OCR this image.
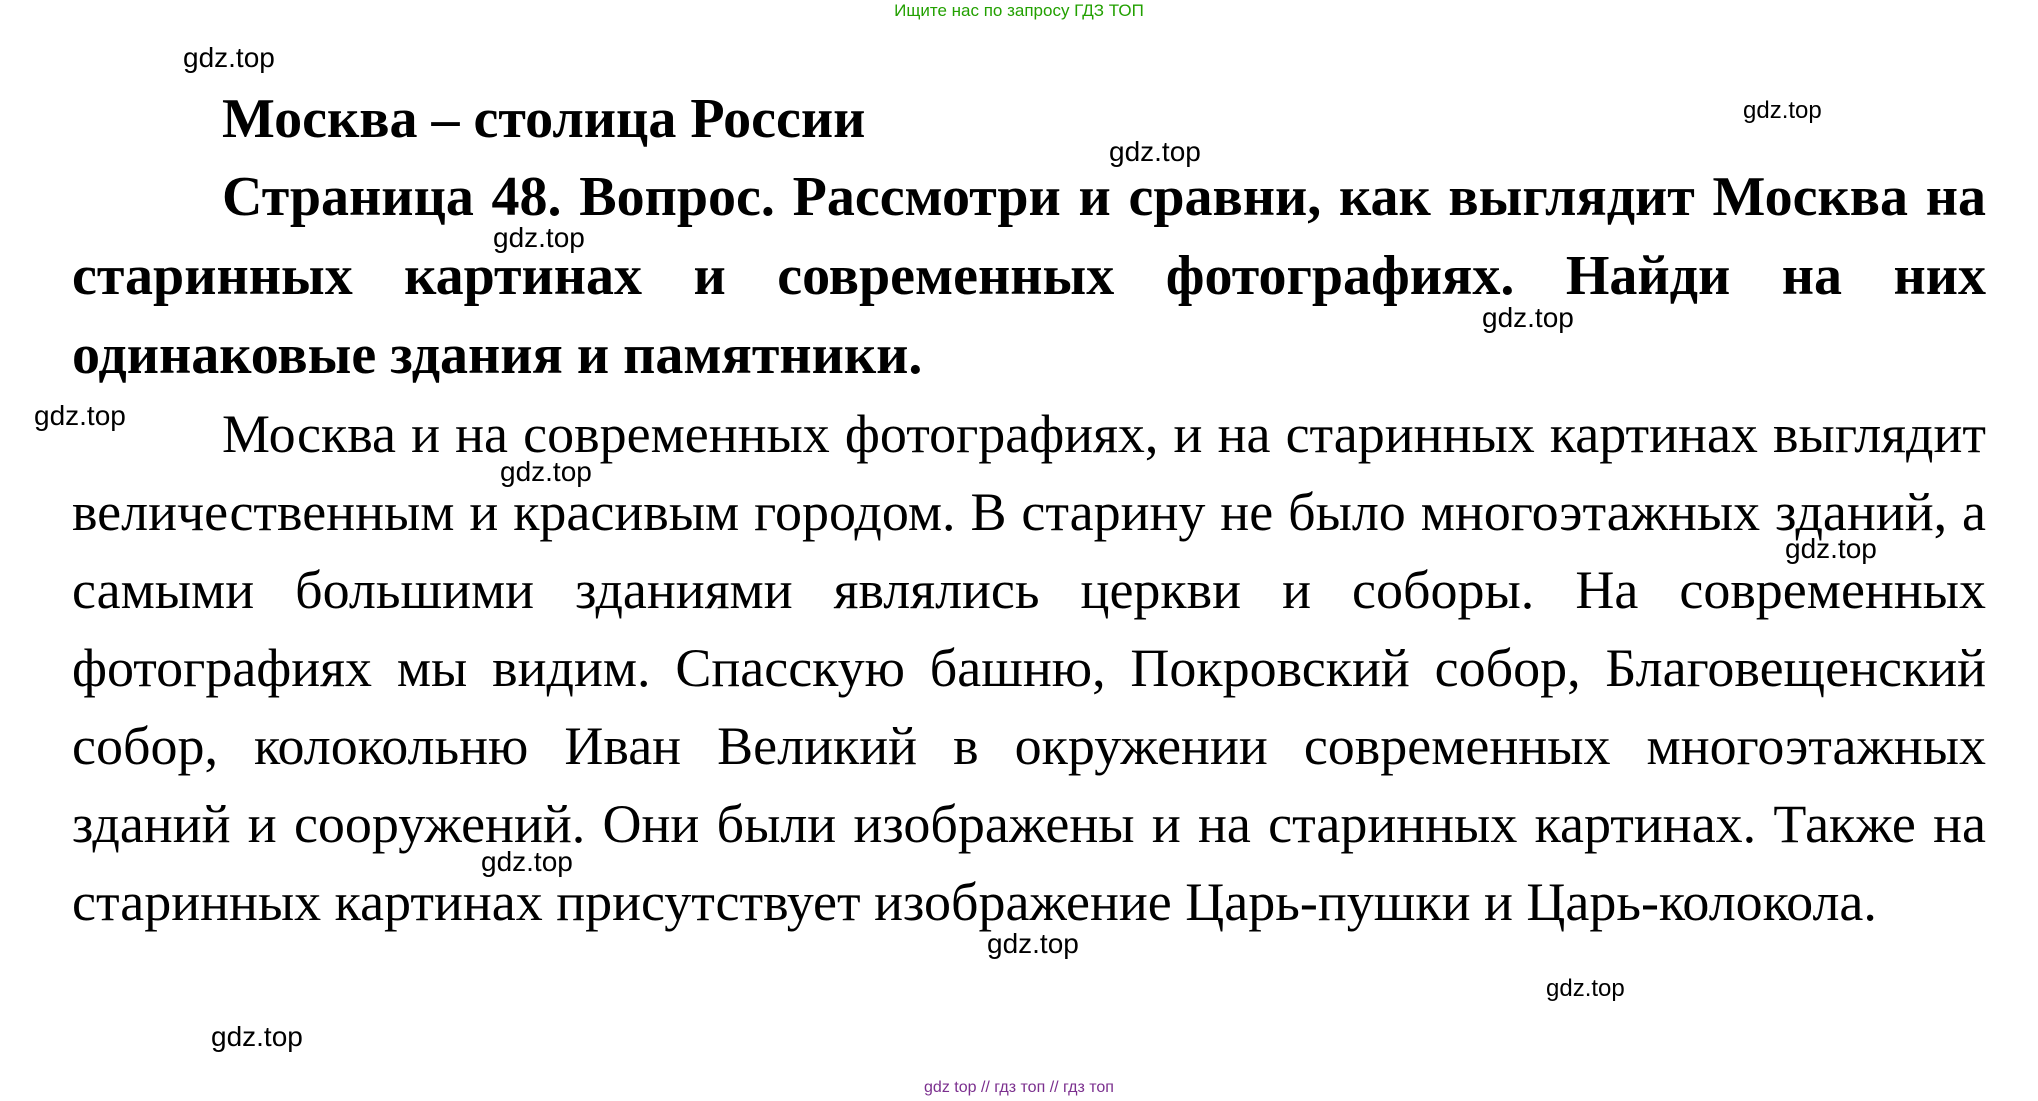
Ищите нас по запросу ГДЗ ТОП

Москва – столица России

Страница 48. Вопрос. Рассмотри и сравни, как выглядит Москва на старинных картинах и современных фотографиях. Найди на них одинаковые здания и памятники.

Москва и на современных фотографиях, и на старинных картинах выглядит величественным и красивым городом. В старину не было многоэтажных зданий, а самыми большими зданиями являлись церкви и соборы. На современных фотографиях мы видим. Спасскую башню, Покровский собор, Благовещенский собор, колокольню Иван Великий в окружении современных многоэтажных зданий и сооружений. Они были изображены и на старинных картинах. Также на старинных картинах присутствует изображение Царь-пушки и Царь-колокола.

gdz.top
gdz.top
gdz.top
gdz.top
gdz.top
gdz.top
gdz.top
gdz.top
gdz.top
gdz.top
gdz.top
gdz.top
gdz top // гдз топ // гдз топ
